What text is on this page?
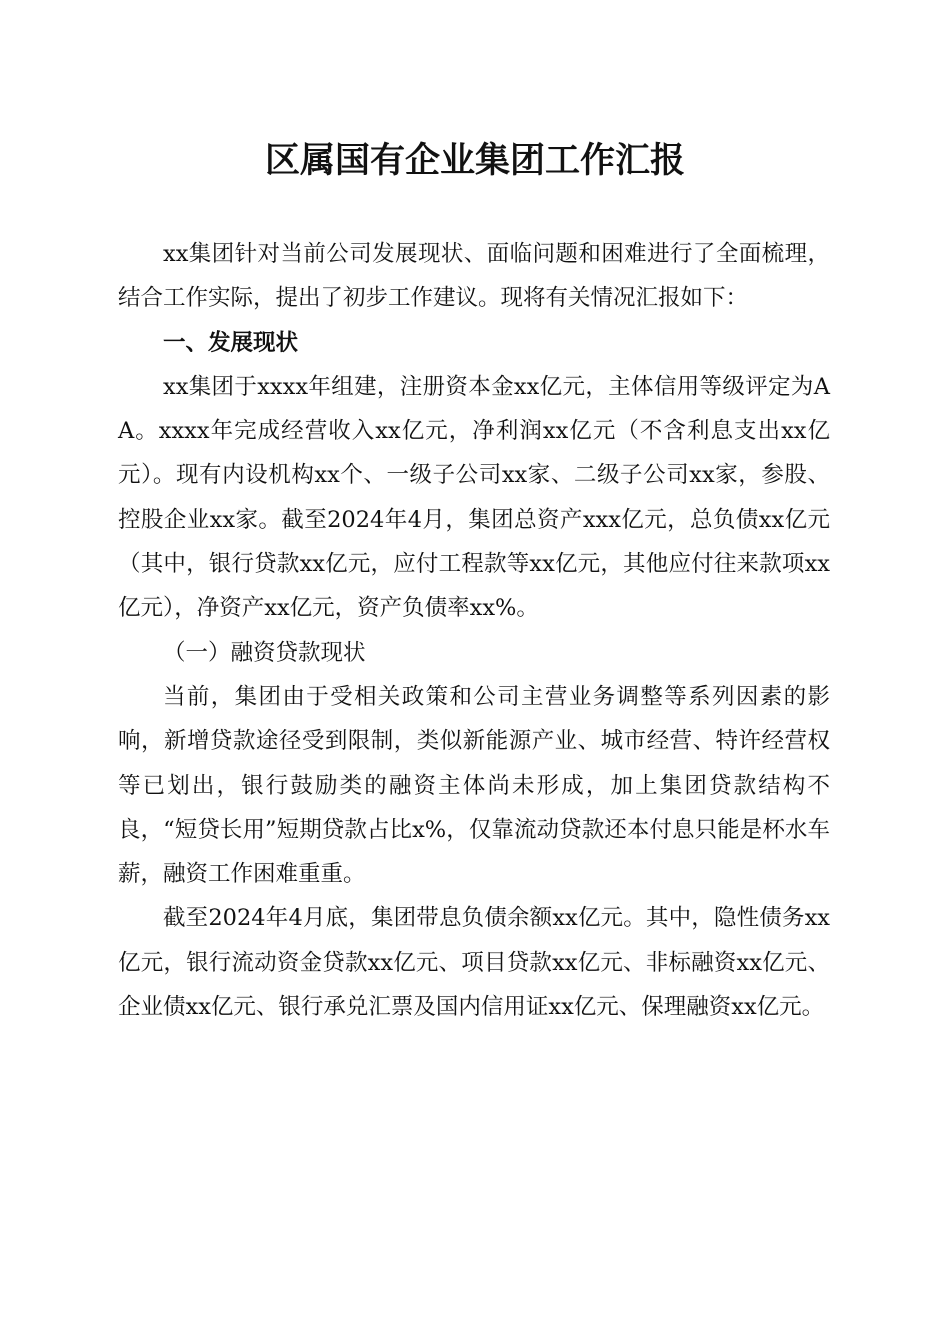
区属国有企业集团工作汇报

xx集团针对当前公司发展现状、面临问题和困难进行了全面梳理，结合工作实际，提出了初步工作建议。现将有关情况汇报如下：

一、发展现状

xx集团于xxxx年组建，注册资本金xx亿元，主体信用等级评定为AA。xxxx年完成经营收入xx亿元，净利润xx亿元（不含利息支出xx亿元）。现有内设机构xx个、一级子公司xx家、二级子公司xx家，参股、控股企业xx家。截至2024年4月，集团总资产xxx亿元，总负债xx亿元（其中，银行贷款xx亿元，应付工程款等xx亿元，其他应付往来款项xx亿元），净资产xx亿元，资产负债率xx%。

（一）融资贷款现状

当前，集团由于受相关政策和公司主营业务调整等系列因素的影响，新增贷款途径受到限制，类似新能源产业、城市经营、特许经营权等已划出，银行鼓励类的融资主体尚未形成，加上集团贷款结构不良，“短贷长用”短期贷款占比x%，仅靠流动贷款还本付息只能是杯水车薪，融资工作困难重重。

截至2024年4月底，集团带息负债余额xx亿元。其中，隐性债务xx亿元，银行流动资金贷款xx亿元、项目贷款xx亿元、非标融资xx亿元、企业债xx亿元、银行承兑汇票及国内信用证xx亿元、保理融资xx亿元。
